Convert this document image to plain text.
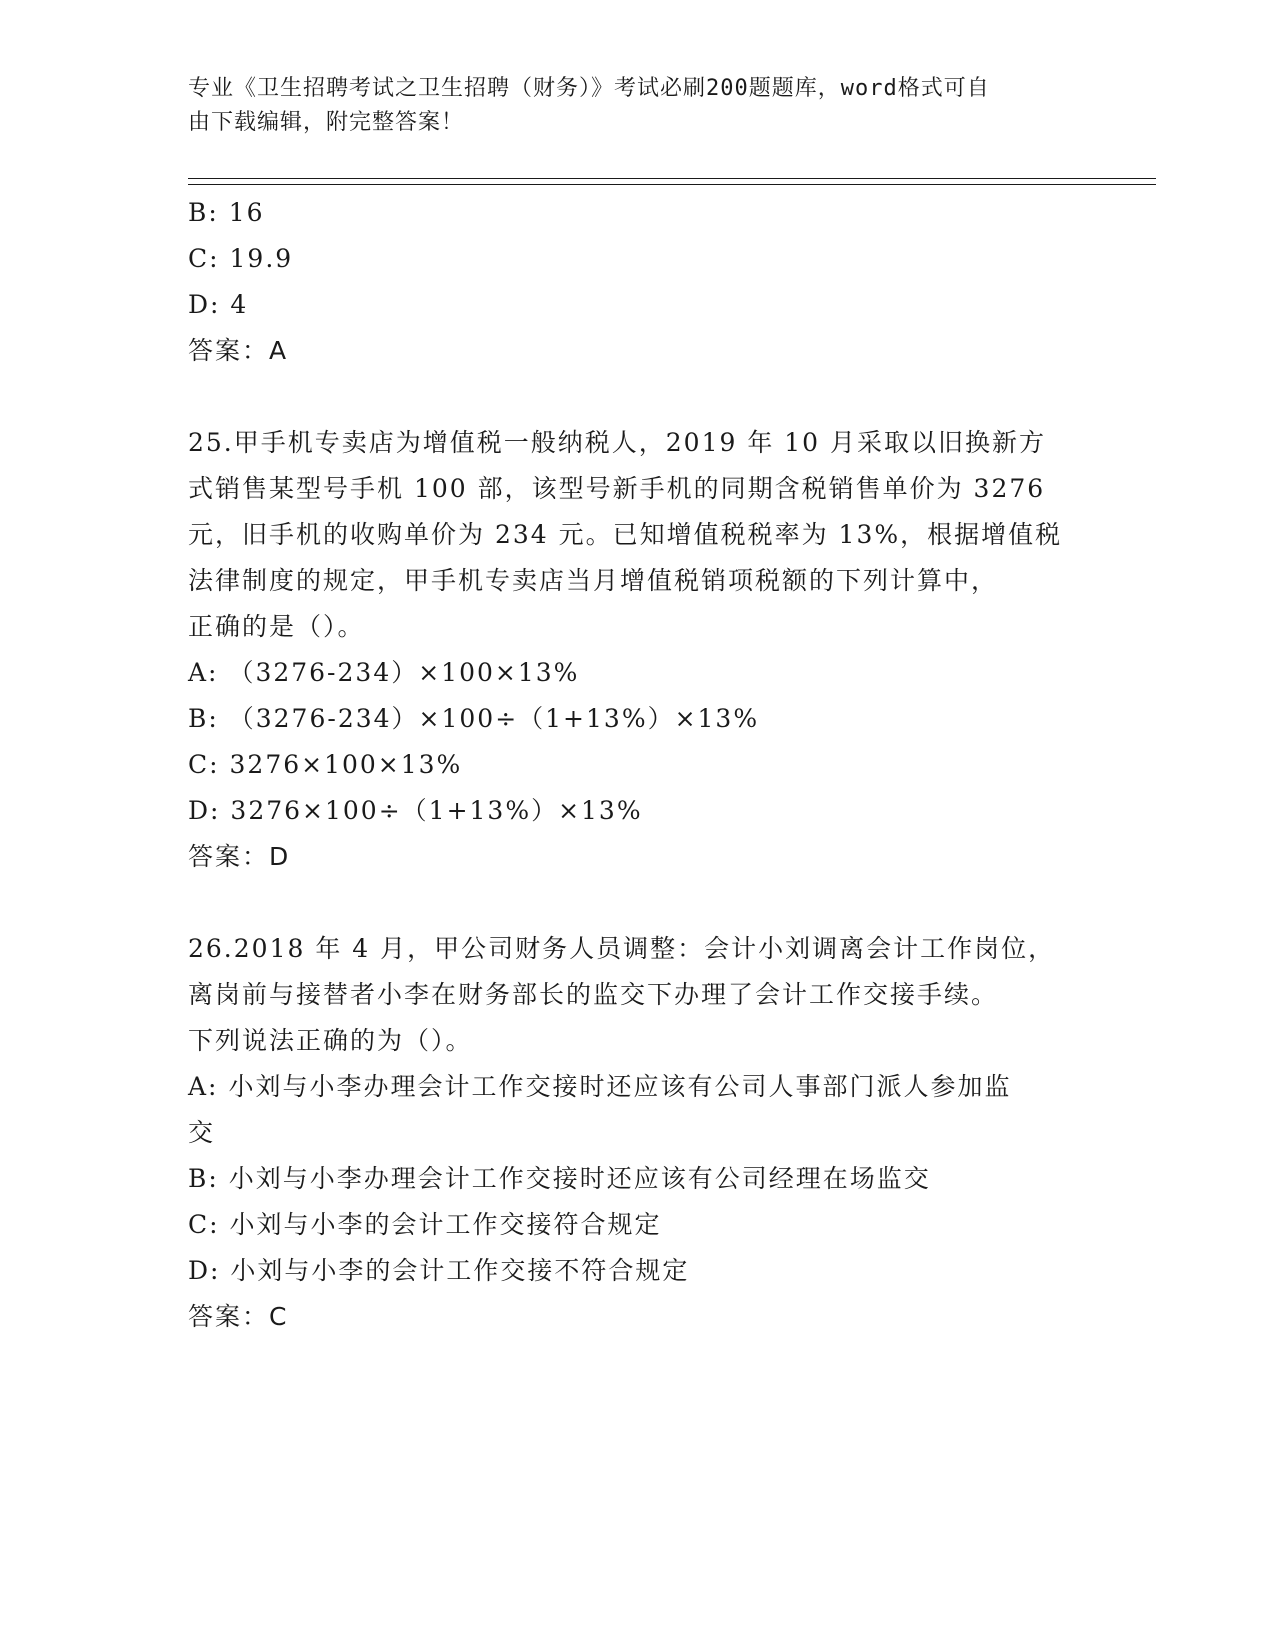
专业《卫生招聘考试之卫生招聘（财务）》考试必刷200题题库，word格式可自
由下载编辑，附完整答案！

B: 16

C: 19.9

D: 4

答案：A

25.甲手机专卖店为增值税一般纳税人，2019 年 10 月采取以旧换新方

式销售某型号手机 100 部，该型号新手机的同期含税销售单价为 3276

元，旧手机的收购单价为 234 元。已知增值税税率为 13%，根据增值税

法律制度的规定，甲手机专卖店当月增值税销项税额的下列计算中，

正确的是（）。

A: （3276-234）×100×13%

B: （3276-234）×100÷（1+13%）×13%

C: 3276×100×13%

D: 3276×100÷（1+13%）×13%

答案：D

26.2018 年 4 月，甲公司财务人员调整：会计小刘调离会计工作岗位，

离岗前与接替者小李在财务部长的监交下办理了会计工作交接手续。

下列说法正确的为（）。

A: 小刘与小李办理会计工作交接时还应该有公司人事部门派人参加监

交

B: 小刘与小李办理会计工作交接时还应该有公司经理在场监交

C: 小刘与小李的会计工作交接符合规定

D: 小刘与小李的会计工作交接不符合规定

答案：C
